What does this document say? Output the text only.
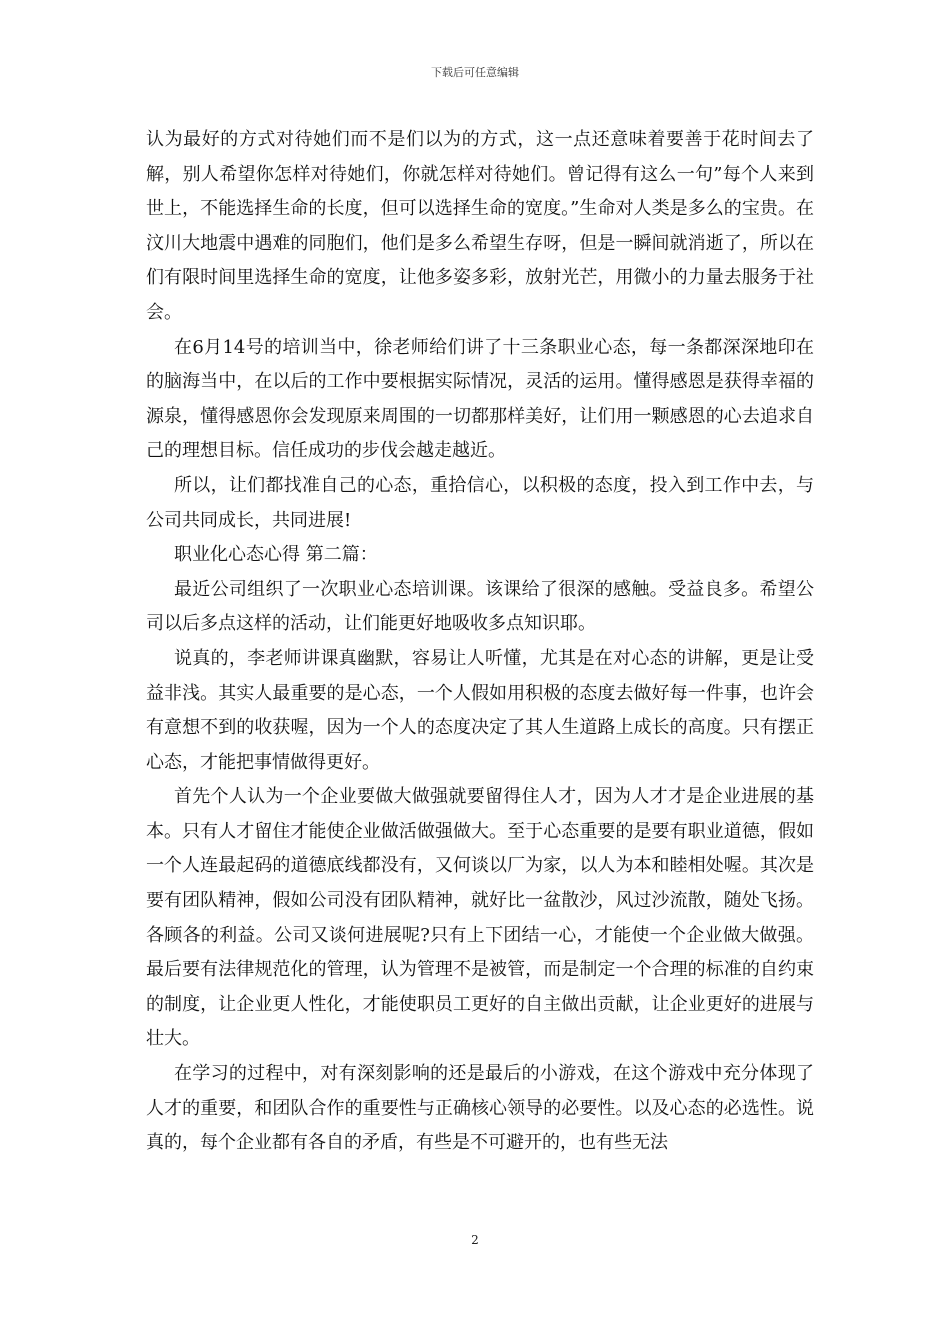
下载后可任意编辑

认为最好的方式对待她们而不是们以为的方式，这一点还意味着要善于花时间去了解，别人希望你怎样对待她们，你就怎样对待她们。曾记得有这么一句”每个人来到世上，不能选择生命的长度，但可以选择生命的宽度。”生命对人类是多么的宝贵。在汶川大地震中遇难的同胞们，他们是多么希望生存呀，但是一瞬间就消逝了，所以在们有限时间里选择生命的宽度，让他多姿多彩，放射光芒，用微小的力量去服务于社会。

在6月14号的培训当中，徐老师给们讲了十三条职业心态，每一条都深深地印在的脑海当中，在以后的工作中要根据实际情况，灵活的运用。懂得感恩是获得幸福的源泉，懂得感恩你会发现原来周围的一切都那样美好，让们用一颗感恩的心去追求自己的理想目标。信任成功的步伐会越走越近。

所以，让们都找准自己的心态，重拾信心，以积极的态度，投入到工作中去，与公司共同成长，共同进展!

职业化心态心得 第二篇：

最近公司组织了一次职业心态培训课。该课给了很深的感触。受益良多。希望公司以后多点这样的活动，让们能更好地吸收多点知识耶。

说真的，李老师讲课真幽默，容易让人听懂，尤其是在对心态的讲解，更是让受益非浅。其实人最重要的是心态，一个人假如用积极的态度去做好每一件事，也许会有意想不到的收获喔，因为一个人的态度决定了其人生道路上成长的高度。只有摆正心态，才能把事情做得更好。

首先个人认为一个企业要做大做强就要留得住人才，因为人才才是企业进展的基本。只有人才留住才能使企业做活做强做大。至于心态重要的是要有职业道德，假如一个人连最起码的道德底线都没有，又何谈以厂为家，以人为本和睦相处喔。其次是要有团队精神，假如公司没有团队精神，就好比一盆散沙，风过沙流散，随处飞扬。各顾各的利益。公司又谈何进展呢?只有上下团结一心，才能使一个企业做大做强。最后要有法律规范化的管理，认为管理不是被管，而是制定一个合理的标准的自约束的制度，让企业更人性化，才能使职员工更好的自主做出贡献，让企业更好的进展与壮大。

在学习的过程中，对有深刻影响的还是最后的小游戏，在这个游戏中充分体现了人才的重要，和团队合作的重要性与正确核心领导的必要性。以及心态的必选性。说真的，每个企业都有各自的矛盾，有些是不可避开的，也有些无法

2
